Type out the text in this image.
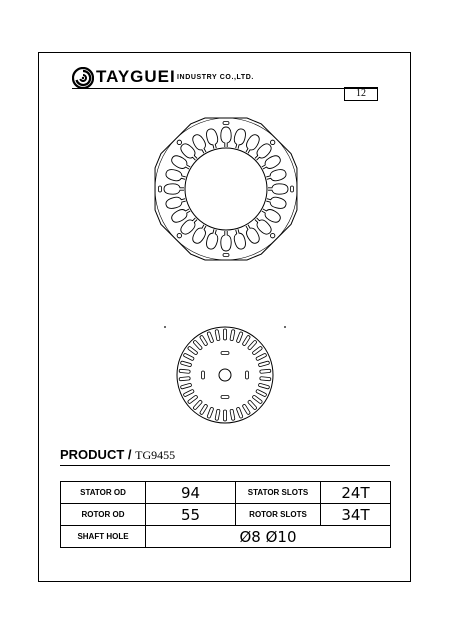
TAYGUEI INDUSTRY CO.,LTD.
12
PRODUCT / TG9455
STATOR OD	94	STATOR SLOTS	24T
ROTOR OD	55	ROTOR SLOTS	34T
SHAFT HOLE	Ø8 Ø10		
